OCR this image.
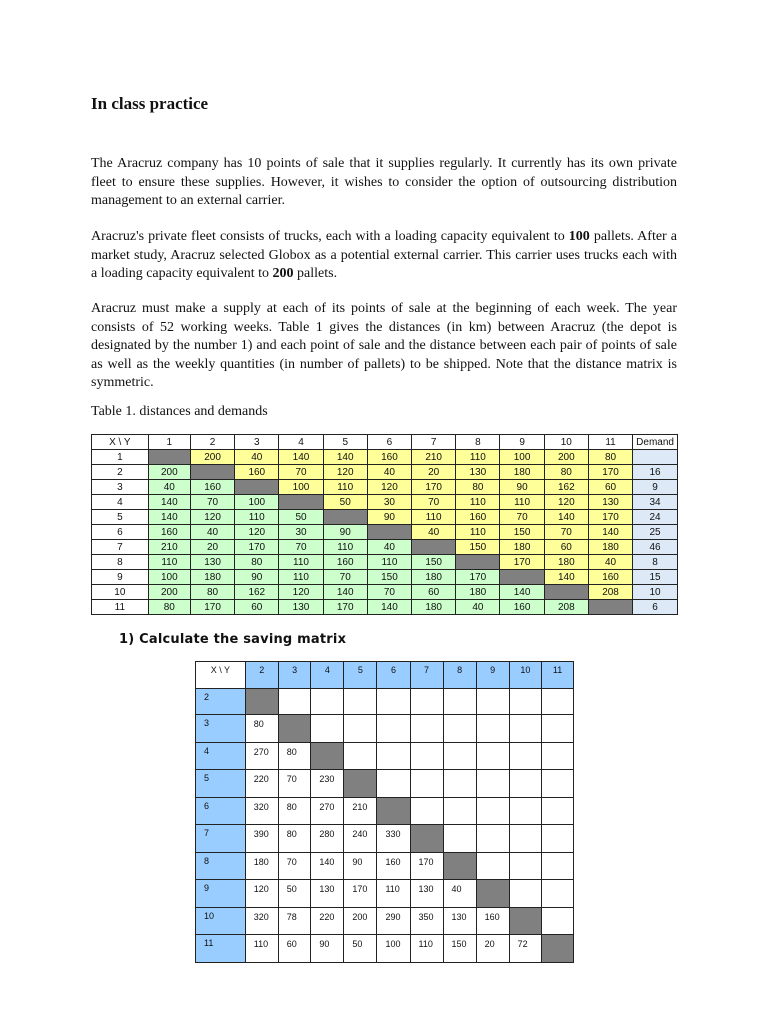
In class practice

The Aracruz company has 10 points of sale that it supplies regularly. It currently has its own private fleet to ensure these supplies. However, it wishes to consider the option of outsourcing distribution management to an external carrier.

Aracruz's private fleet consists of trucks, each with a loading capacity equivalent to 100 pallets. After a market study, Aracruz selected Globox as a potential external carrier. This carrier uses trucks each with a loading capacity equivalent to 200 pallets.

Aracruz must make a supply at each of its points of sale at the beginning of each week. The year consists of 52 working weeks. Table 1 gives the distances (in km) between Aracruz (the depot is designated by the number 1) and each point of sale and the distance between each pair of points of sale as well as the weekly quantities (in number of pallets) to be shipped. Note that the distance matrix is symmetric.

Table 1. distances and demands

X \ Y	1	2	3	4	5	6	7	8	9	10	11	Demand
1		200	40	140	140	160	210	110	100	200	80	
2	200		160	70	120	40	20	130	180	80	170	16
3	40	160		100	110	120	170	80	90	162	60	9
4	140	70	100		50	30	70	110	110	120	130	34
5	140	120	110	50		90	110	160	70	140	170	24
6	160	40	120	30	90		40	110	150	70	140	25
7	210	20	170	70	110	40		150	180	60	180	46
8	110	130	80	110	160	110	150		170	180	40	8
9	100	180	90	110	70	150	180	170		140	160	15
10	200	80	162	120	140	70	60	180	140		208	10
11	80	170	60	130	170	140	180	40	160	208		6
1) Calculate the saving matrix
X \ Y	2	3	4	5	6	7	8	9	10	11
2										
3	80									
4	270	80								
5	220	70	230							
6	320	80	270	210						
7	390	80	280	240	330					
8	180	70	140	90	160	170				
9	120	50	130	170	110	130	40			
10	320	78	220	200	290	350	130	160		
11	110	60	90	50	100	110	150	20	72	
